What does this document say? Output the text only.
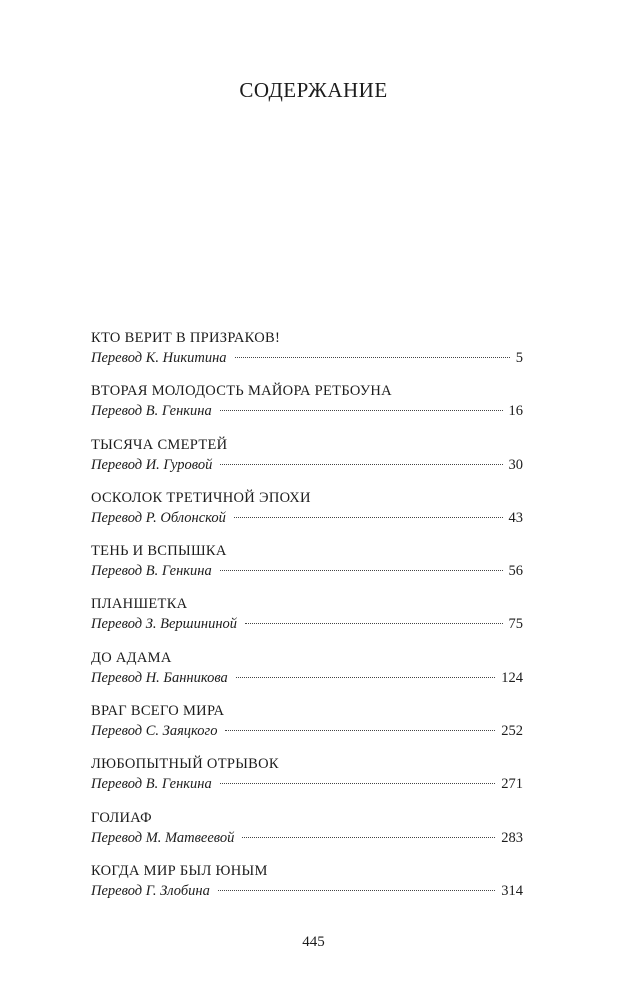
СОДЕРЖАНИЕ
КТО ВЕРИТ В ПРИЗРАКОВ!
Перевод К. Никитина	5
ВТОРАЯ МОЛОДОСТЬ МАЙОРА РЕТБОУНА
Перевод В. Генкина	16
ТЫСЯЧА СМЕРТЕЙ
Перевод И. Гуровой	30
ОСКОЛОК ТРЕТИЧНОЙ ЭПОХИ
Перевод Р. Облонской	43
ТЕНЬ И ВСПЫШКА
Перевод В. Генкина	56
ПЛАНШЕТКА
Перевод З. Вершининой	75
ДО АДАМА
Перевод Н. Банникова	124
ВРАГ ВСЕГО МИРА
Перевод С. Заяцкого	252
ЛЮБОПЫТНЫЙ ОТРЫВОК
Перевод В. Генкина	271
ГОЛИАФ
Перевод М. Матвеевой	283
КОГДА МИР БЫЛ ЮНЫМ
Перевод Г. Злобина	314
445
